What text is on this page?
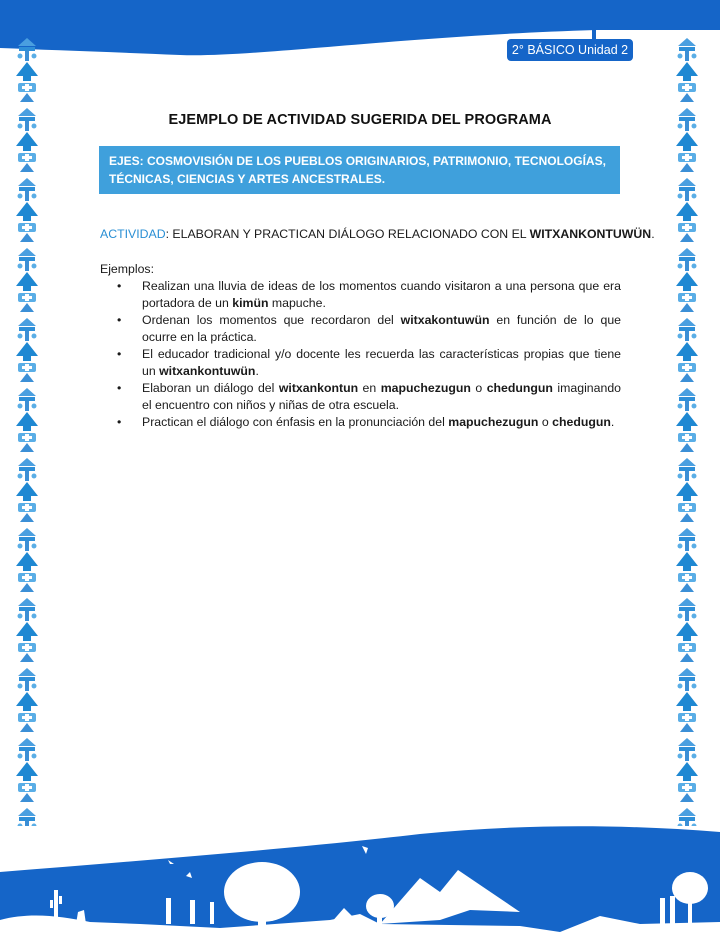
2° BÁSICO Unidad 2
EJEMPLO DE ACTIVIDAD SUGERIDA DEL PROGRAMA
EJES: COSMOVISIÓN DE LOS PUEBLOS ORIGINARIOS, PATRIMONIO, TECNOLOGÍAS,
TÉCNICAS, CIENCIAS Y ARTES ANCESTRALES.
ACTIVIDAD: ELABORAN Y PRACTICAN DIÁLOGO RELACIONADO CON EL WITXANKONTUWÜN.
Ejemplos:
• Realizan una lluvia de ideas de los momentos cuando visitaron a una persona que era portadora de un kimün mapuche.
• Ordenan los momentos que recordaron del witxakontuwün en función de lo que ocurre en la práctica.
• El educador tradicional y/o docente les recuerda las características propias que tiene un witxankontuwün.
• Elaboran un diálogo del witxankontun en mapuchezugun o chedungun imaginando el encuentro con niños y niñas de otra escuela.
• Practican el diálogo con énfasis en la pronunciación del mapuchezugun o chedugun.
